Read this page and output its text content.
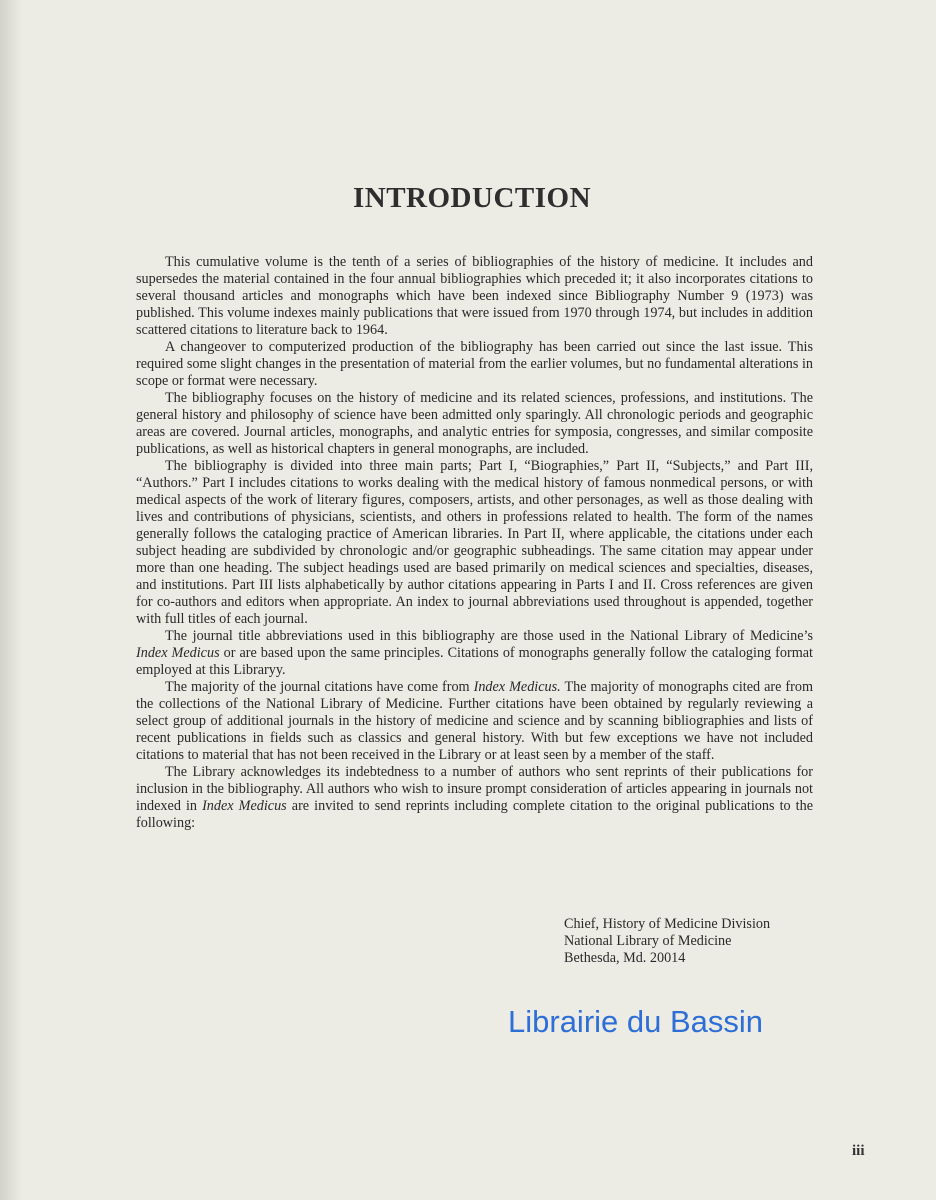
INTRODUCTION

This cumulative volume is the tenth of a series of bibliographies of the history of medicine. It includes and supersedes the material contained in the four annual bibliographies which preceded it; it also incorporates citations to several thousand articles and monographs which have been indexed since Bibliography Number 9 (1973) was published. This volume indexes mainly publications that were issued from 1970 through 1974, but includes in addition scattered citations to literature back to 1964.

A changeover to computerized production of the bibliography has been carried out since the last issue. This required some slight changes in the presentation of material from the earlier volumes, but no fundamental alterations in scope or format were necessary.

The bibliography focuses on the history of medicine and its related sciences, professions, and institutions. The general history and philosophy of science have been admitted only sparingly. All chronologic periods and geographic areas are covered. Journal articles, monographs, and analytic entries for symposia, congresses, and similar composite publications, as well as historical chapters in general monographs, are included.

The bibliography is divided into three main parts; Part I, “Biographies,” Part II, “Subjects,” and Part III, “Authors.” Part I includes citations to works dealing with the medical history of famous nonmedical persons, or with medical aspects of the work of literary figures, composers, artists, and other personages, as well as those dealing with lives and contributions of physicians, scientists, and others in professions related to health. The form of the names generally follows the cataloging practice of American libraries. In Part II, where applicable, the citations under each subject heading are subdivided by chronologic and/or geographic subheadings. The same citation may appear under more than one heading. The subject headings used are based primarily on medical sciences and specialties, diseases, and institutions. Part III lists alphabetically by author citations appearing in Parts I and II. Cross references are given for co-authors and editors when appropriate. An index to journal abbreviations used throughout is appended, together with full titles of each journal.

The journal title abbreviations used in this bibliography are those used in the National Library of Medicine’s Index Medicus or are based upon the same principles. Citations of monographs generally follow the cataloging format employed at this Libraryy.

The majority of the journal citations have come from Index Medicus. The majority of monographs cited are from the collections of the National Library of Medicine. Further citations have been obtained by regularly reviewing a select group of additional journals in the history of medicine and science and by scanning bibliographies and lists of recent publications in fields such as classics and general history. With but few exceptions we have not included citations to material that has not been received in the Library or at least seen by a member of the staff.

The Library acknowledges its indebtedness to a number of authors who sent reprints of their publications for inclusion in the bibliography. All authors who wish to insure prompt consideration of articles appearing in journals not indexed in Index Medicus are invited to send reprints including complete citation to the original publications to the following:

Chief, History of Medicine Division
National Library of Medicine
Bethesda, Md. 20014
Librairie du Bassin
iii
